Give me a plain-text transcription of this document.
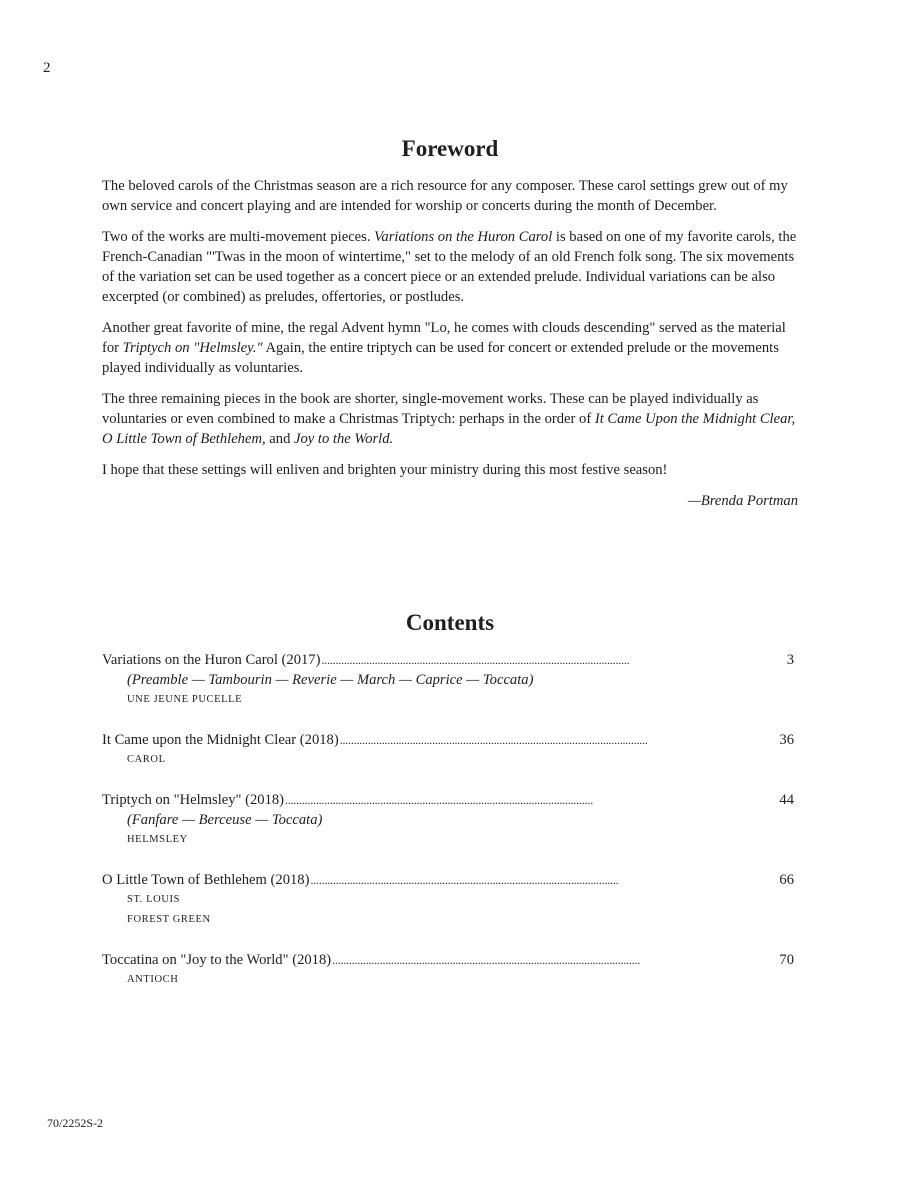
2
Foreword

The beloved carols of the Christmas season are a rich resource for any composer. These carol settings grew out of my own service and concert playing and are intended for worship or concerts during the month of December.

Two of the works are multi-movement pieces. Variations on the Huron Carol is based on one of my favorite carols, the French-Canadian "'Twas in the moon of wintertime," set to the melody of an old French folk song. The six movements of the variation set can be used together as a concert piece or an extended prelude. Individual variations can be also excerpted (or combined) as preludes, offertories, or postludes.

Another great favorite of mine, the regal Advent hymn "Lo, he comes with clouds descending" served as the material for Triptych on "Helmsley." Again, the entire triptych can be used for concert or extended prelude or the movements played individually as voluntaries.

The three remaining pieces in the book are shorter, single-movement works. These can be played individually as voluntaries or even combined to make a Christmas Triptych: perhaps in the order of It Came Upon the Midnight Clear, O Little Town of Bethlehem, and Joy to the World.

I hope that these settings will enliven and brighten your ministry during this most festive season!

—Brenda Portman

Contents
Variations on the Huron Carol (2017) . . .	3
(Preamble — Tambourin — Reverie — March — Caprice — Toccata)
UNE JEUNE PUCELLE
It Came upon the Midnight Clear (2018) . . .	36
CAROL
Triptych on "Helmsley" (2018) . . .	44
(Fanfare — Berceuse — Toccata)
HELMSLEY
O Little Town of Bethlehem (2018) . . .	66
ST. LOUIS
FOREST GREEN
Toccatina on "Joy to the World" (2018) . . .	70
ANTIOCH
70/2252S-2
